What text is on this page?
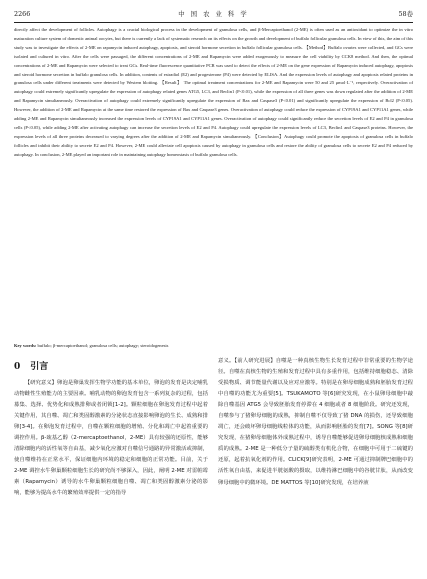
2266	中 国 农 业 科 学	58卷

directly affect the development of follicles. Autophagy is a crucial biological process in the development of granulosa cells, and β-Mercaptoethanol (2-ME) is often used as an antioxidant to optimize the in vitro maturation culture system of domestic animal oocytes, but there is currently a lack of systematic research on its effects on the growth and development of buffalo follicular granulosa cells. In view of this, the aim of this study was to investigate the effects of 2-ME on rapamycin induced autophagy, apoptosis, and steroid hormone secretion in buffalo follicular granulosa cells. 【Method】Buffalo ovaries were collected, and GCs were isolated and cultured in vitro. After the cells were passaged, the different concentrations of 2-ME and Rapamycin were added exogenously to measure the cell viability by CCK8 method. And then, the optimal concentrations of 2-ME and Rapamycin were selected to treat GCs. Real-time fluorescence quantitative PCR was used to detect the effects of 2-ME on the gene expression of Rapamycin induced autophagy, apoptosis and steroid hormone secretion in buffalo granulosa cells. In addition, contents of estradiol (E2) and progesterone (P4) were detected by ELISA. And the expression levels of autophagy and apoptosis related proteins in granulosa cells under different treatments were detected by Western blotting. 【Result】 The optimal treatment concentrations for 2-ME and Rapamycin were 50 and 25 μmol·L⁻¹, respectively. Overactivation of autophagy could extremely significantly upregulate the expression of autophagy related genes ATG5, LC3, and Beclin1 (P<0.01), while the expression of all three genes was down regulated after the addition of 2-ME and Rapamycin simultaneously. Overactivation of autophagy could extremely significantly upregulate the expression of Bax and Caspase3 (P<0.01) and significantly upregulate the expression of Bcl2 (P<0.05). However, the addition of 2-ME and Rapamycin at the same time restored the expression of Bax and Caspase3 genes. Overactivation of autophagy could reduce the expression of CYP19A1 and CYP11A1 genes, while adding 2-ME and Rapamycin simultaneously increased the expression levels of CYP19A1 and CYP11A1 genes. Overactivation of autophagy could significantly reduce the secretion levels of E2 and P4 in granulosa cells (P<0.05), while adding 2-ME after activating autophagy can increase the secretion levels of E2 and P4. Autophagy could upregulate the expression levels of LC3, Beclin1 and Caspase3 proteins. However, the expression levels of all three proteins decreased to varying degrees after the addition of 2-ME and Rapamycin simultaneously. 【Conclusion】Autophagy could promote the apoptosis of granulosa cells in buffalo follicles and inhibit their ability to secrete E2 and P4. However, 2-ME could alleviate cell apoptosis caused by autophagy in granulosa cells and restore the ability of granulosa cells to secrete E2 and P4 reduced by autophagy. In conclusion, 2-ME played an important role in maintaining autophagy homeostasis of buffalo granulosa cells.

Key words: buffalo; β-mercaptoethanol; granulosa cells; autophagy; steroidogenesis
0 引言

【研究意义】卵泡是卵巢发挥生物学功能的基本单位，卵泡的发育是决定哺乳动物雌性生殖能力的主要因素。哺乳动物的卵泡发育包含一系列复杂的过程，包括募集、选择、优势化和成熟排卵或者闭锁[1-2]。颗粒细胞在卵泡发育过程中起着关键作用，其自噬、凋亡和类固醇激素的分泌状态直接影响卵泡的生长、成熟和排卵[3-4]。在卵泡发育过程中，自噬在颗粒细胞的增殖、分化和凋亡中起着重要的调控作用。β-巯基乙醇（2-mercaptoethanol，2-ME）具有较强的还原性，能够清除细胞内的活性氧等自由基，减少氧化应激对自噬信号通路的异常激活或抑制，使自噬维持在正常水平，保证细胞内环境的稳定和细胞的正常功能。目前，关于 2-ME 调控水牛卵巢颗粒细胞生长的研究尚不够深入，因此，阐明 2-ME 对雷帕霉素（Rapamycin）诱导的水牛卵巢颗粒细胞自噬、凋亡和类固醇激素分泌的影响，能够为提高水牛的繁殖效率提供一定的指导

意义。【前人研究进展】自噬是一种真核生物生长发育过程中非常重要的生物学途径。自噬在真核生物的生殖和发育过程中具有多重作用，包括维持细胞稳态、清除受损物质、调节能量代谢以及应对应激等。特别是在卵母细胞成熟和胚胎发育过程中自噬的功能尤为重要[5]。TSUKAMOTO 等[6]研究发现，在小鼠卵母细胞中敲除自噬基因 ATG5 会导致胚胎发育停滞在 4 细胞或者 8 细胞阶段。研究还发现，自噬参与了猪卵母细胞的成熟，抑制自噬不仅导致了猪 DNA 的损伤，还导致细胞凋亡，还会破坏卵母细胞线粒体的功能，从而影响胚胎的发育[7]。SONG 等[8]研究发现，在猪卵母细胞体外成熟过程中，诱导自噬能够促进卵母细胞核成熟和细胞质的成熟。2-ME 是一种低分子量的硫醇类有机化合物，在细胞中可用于二硫键的还原，起着抗氧化剂的作用。CLICK[9]研究表明，2-ME 可通过抑制牌巴细胞中的活性氧自由基，来促进半胱氨酸的摄取，以维持淋巴细胞中的谷胱甘肽，从而改变卵母细胞中的微环境。DE MATTOS 等[10]研究发现，在培养液
